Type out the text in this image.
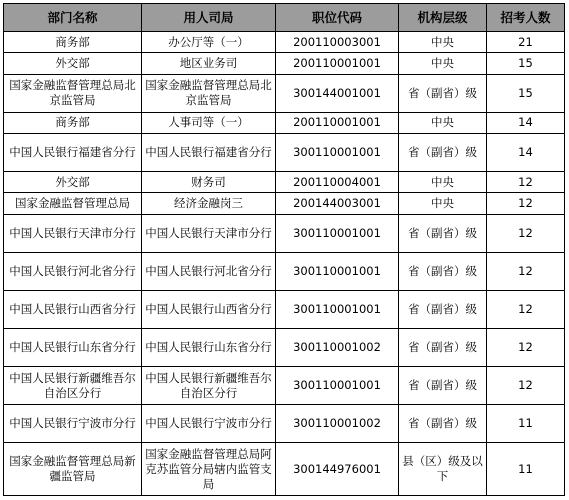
部门名称	用人司局	职位代码	机构层级	招考人数
商务部	办公厅等（一）	200110003001	中央	21
外交部	地区业务司	200110001001	中央	15
国家金融监督管理总局北京监管局	国家金融监督管理总局北京监管局	300144001001	省（副省）级	15
商务部	人事司等（一）	200110001001	中央	14
中国人民银行福建省分行	中国人民银行福建省分行	300110001001	省（副省）级	14
外交部	财务司	200110004001	中央	12
国家金融监督管理总局	经济金融岗三	200144003001	中央	12
中国人民银行天津市分行	中国人民银行天津市分行	300110001001	省（副省）级	12
中国人民银行河北省分行	中国人民银行河北省分行	300110001001	省（副省）级	12
中国人民银行山西省分行	中国人民银行山西省分行	300110001001	省（副省）级	12
中国人民银行山东省分行	中国人民银行山东省分行	300110001002	省（副省）级	12
中国人民银行新疆维吾尔自治区分行	中国人民银行新疆维吾尔自治区分行	300110001001	省（副省）级	12
中国人民银行宁波市分行	中国人民银行宁波市分行	300110001002	省（副省）级	11
国家金融监督管理总局新疆监管局	国家金融监督管理总局阿克苏监管分局辖内监管支局	300144976001	县（区）级及以下	11
